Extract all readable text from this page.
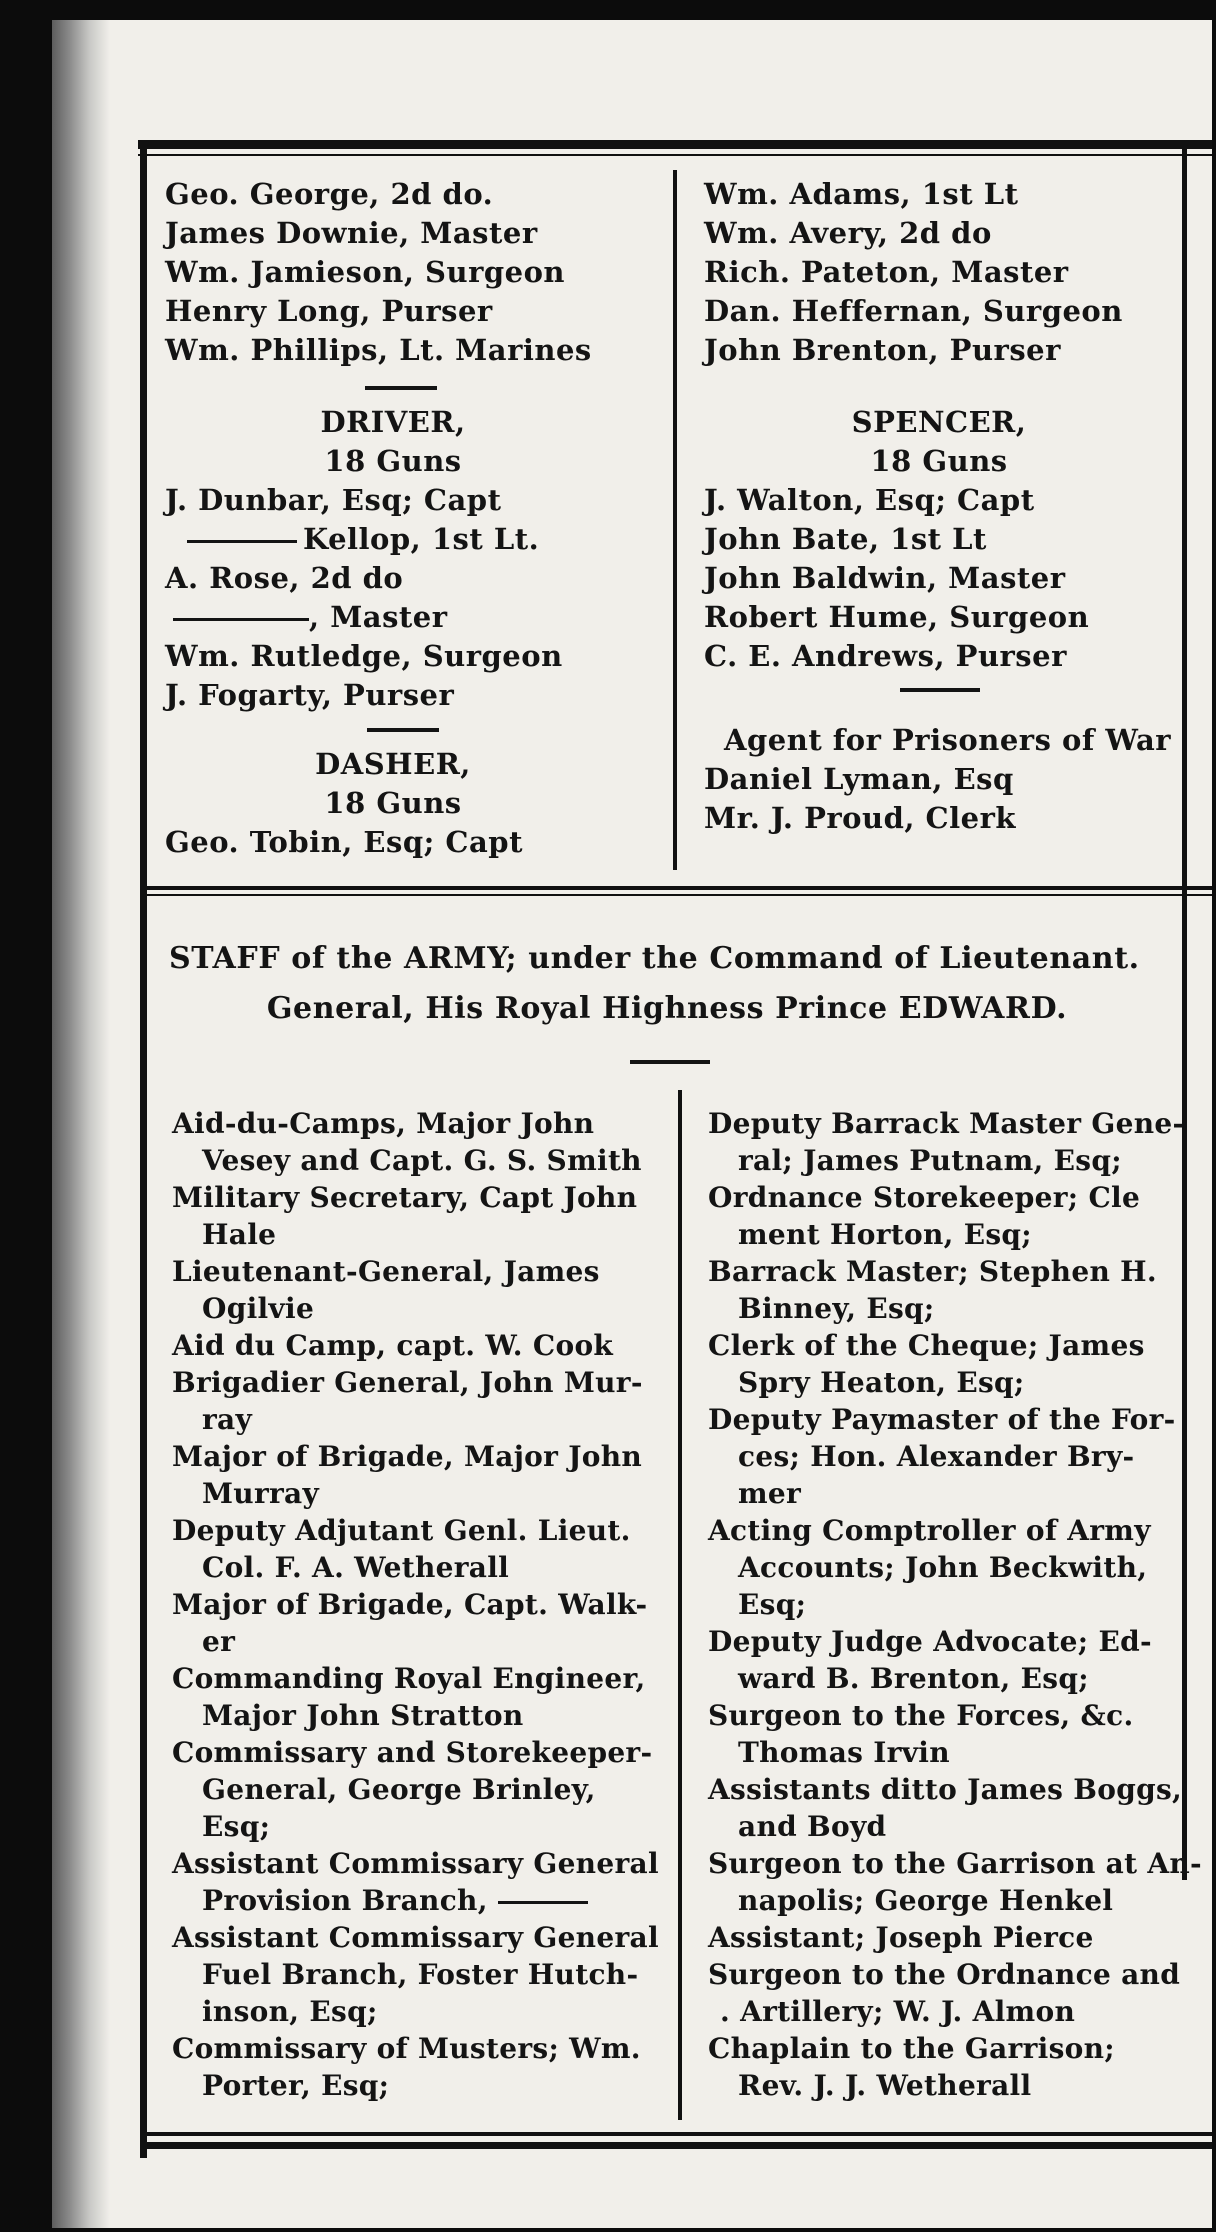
Geo. George, 2d do.
James Downie, Master
Wm. Jamieson, Surgeon
Henry Long, Purser
Wm. Phillips, Lt. Marines
DRIVER,
18 Guns
J. Dunbar, Esq; Capt
Kellop, 1st Lt.
A. Rose, 2d do
, Master
Wm. Rutledge, Surgeon
J. Fogarty, Purser
DASHER,
18 Guns
Geo. Tobin, Esq; Capt
Wm. Adams, 1st Lt
Wm. Avery, 2d do
Rich. Pateton, Master
Dan. Heffernan, Surgeon
John Brenton, Purser
SPENCER,
18 Guns
J. Walton, Esq; Capt
John Bate, 1st Lt
John Baldwin, Master
Robert Hume, Surgeon
C. E. Andrews, Purser
Agent for Prisoners of War
Daniel Lyman, Esq
Mr. J. Proud, Clerk
STAFF of the ARMY; under the Command of Lieutenant.
General, His Royal Highness Prince EDWARD.
Aid-du-Camps, Major John
Vesey and Capt. G. S. Smith
Military Secretary, Capt John
Hale
Lieutenant-General, James
Ogilvie
Aid du Camp, capt. W. Cook
Brigadier General, John Mur-
ray
Major of Brigade, Major John
Murray
Deputy Adjutant Genl. Lieut.
Col. F. A. Wetherall
Major of Brigade, Capt. Walk-
er
Commanding Royal Engineer,
Major John Stratton
Commissary and Storekeeper-
General, George Brinley,
Esq;
Assistant Commissary General
Provision Branch,
Assistant Commissary General
Fuel Branch, Foster Hutch-
inson, Esq;
Commissary of Musters; Wm.
Porter, Esq;
Deputy Barrack Master Gene-
ral; James Putnam, Esq;
Ordnance Storekeeper; Cle
ment Horton, Esq;
Barrack Master; Stephen H.
Binney, Esq;
Clerk of the Cheque; James
Spry Heaton, Esq;
Deputy Paymaster of the For-
ces; Hon. Alexander Bry-
mer
Acting Comptroller of Army
Accounts; John Beckwith,
Esq;
Deputy Judge Advocate; Ed-
ward B. Brenton, Esq;
Surgeon to the Forces, &c.
Thomas Irvin
Assistants ditto James Boggs,
and Boyd
Surgeon to the Garrison at An-
napolis; George Henkel
Assistant; Joseph Pierce
Surgeon to the Ordnance and
. Artillery; W. J. Almon
Chaplain to the Garrison;
Rev. J. J. Wetherall
